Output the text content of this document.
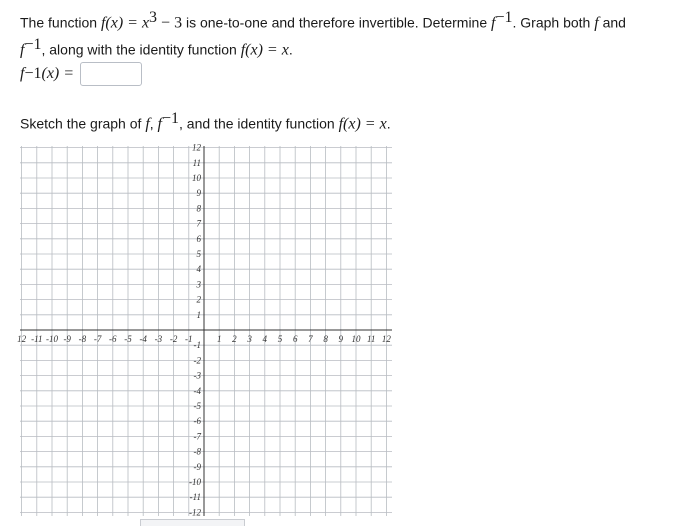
The function $f(x) = x^3 - 3$ is one-to-one and therefore invertible. Determine $f^{-1}$. Graph both f and
$f^{-1}$, along with the identity function f(x) = x.
f −1 (x) =
Sketch the graph of f, $f^{-1}$, and the identity function f(x) = x.
12 -11 -10 -9 -8 -7 -6 -5 -4 -3 -2 -1	1 2 3 4 5 6 7 8 9 10 11 12
1
2
3
4
5
6
7
8
9
10
11
12
-1
-2
-3
-4
-5
-6
-7
-8
-9
-10
-11
-12
